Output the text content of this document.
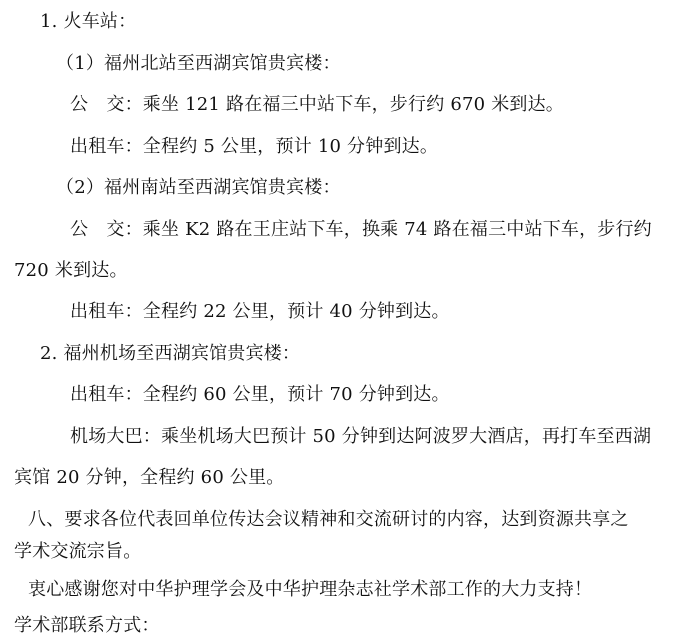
1. 火车站：
（1）福州北站至西湖宾馆贵宾楼：
公　交：乘坐 121 路在福三中站下车，步行约 670 米到达。
出租车：全程约 5 公里，预计 10 分钟到达。
（2）福州南站至西湖宾馆贵宾楼：
公　交：乘坐 K2 路在王庄站下车，换乘 74 路在福三中站下车，步行约
720 米到达。
出租车：全程约 22 公里，预计 40 分钟到达。
2. 福州机场至西湖宾馆贵宾楼：
出租车：全程约 60 公里，预计 70 分钟到达。
机场大巴：乘坐机场大巴预计 50 分钟到达阿波罗大酒店，再打车至西湖
宾馆 20 分钟，全程约 60 公里。
八、要求各位代表回单位传达会议精神和交流研讨的内容，达到资源共享之
学术交流宗旨。
衷心感谢您对中华护理学会及中华护理杂志社学术部工作的大力支持！
学术部联系方式：
